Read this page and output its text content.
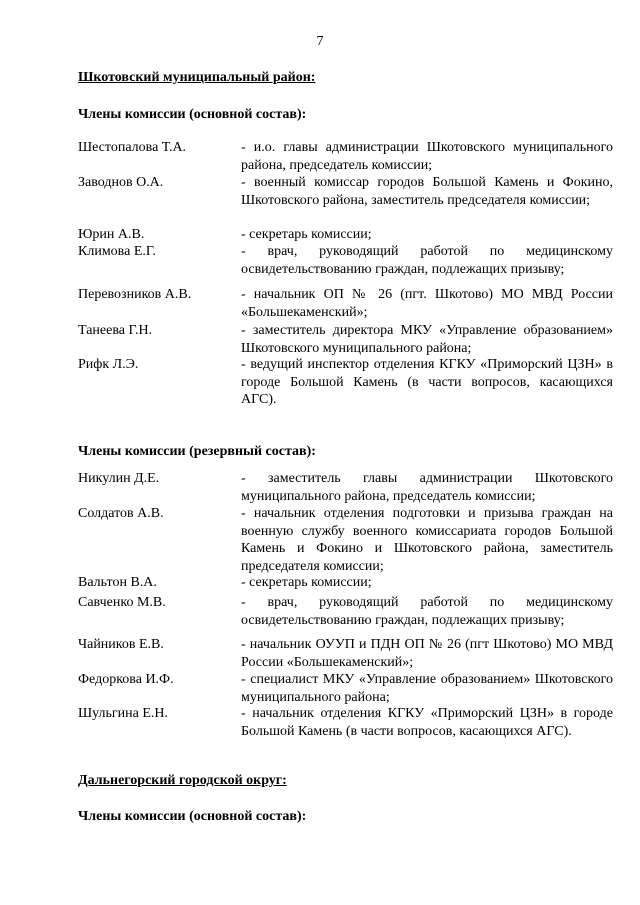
7
Шкотовский муниципальный район:
Члены комиссии (основной состав):
Шестопалова Т.А.	- и.о. главы администрации Шкотовского муниципального района, председатель комиссии;

Заводнов О.А.	- военный комиссар городов Большой Камень и Фокино, Шкотовского района, заместитель председателя комиссии;

Юрин А.В.	- секретарь комиссии;

Климова Е.Г.	- врач, руководящий работой по медицинскому освидетельствованию граждан, подлежащих призыву;

Перевозников А.В.	- начальник ОП № 26 (пгт. Шкотово) МО МВД России «Большекаменский»;

Танеева Г.Н.	- заместитель директора МКУ «Управление образованием» Шкотовского муниципального района;

Рифк Л.Э.	- ведущий инспектор отделения КГКУ «Приморский ЦЗН» в городе Большой Камень (в части вопросов, касающихся АГС).

Члены комиссии (резервный состав):
Никулин Д.Е.	- заместитель главы администрации Шкотовского муниципального района, председатель комиссии;

Солдатов А.В.	- начальник отделения подготовки и призыва граждан на военную службу военного комиссариата городов Большой Камень и Фокино и Шкотовского района, заместитель председателя комиссии;

Вальтон В.А.	- секретарь комиссии;

Савченко М.В.	- врач, руководящий работой по медицинскому освидетельствованию граждан, подлежащих призыву;

Чайников Е.В.	- начальник ОУУП и ПДН ОП № 26 (пгт Шкотово) МО МВД России «Большекаменский»;

Федоркова И.Ф.	- специалист МКУ «Управление образованием» Шкотовского муниципального района;

Шульгина Е.Н.	- начальник отделения КГКУ «Приморский ЦЗН» в городе Большой Камень (в части вопросов, касающихся АГС).

Дальнегорский городской округ:
Члены комиссии (основной состав):
